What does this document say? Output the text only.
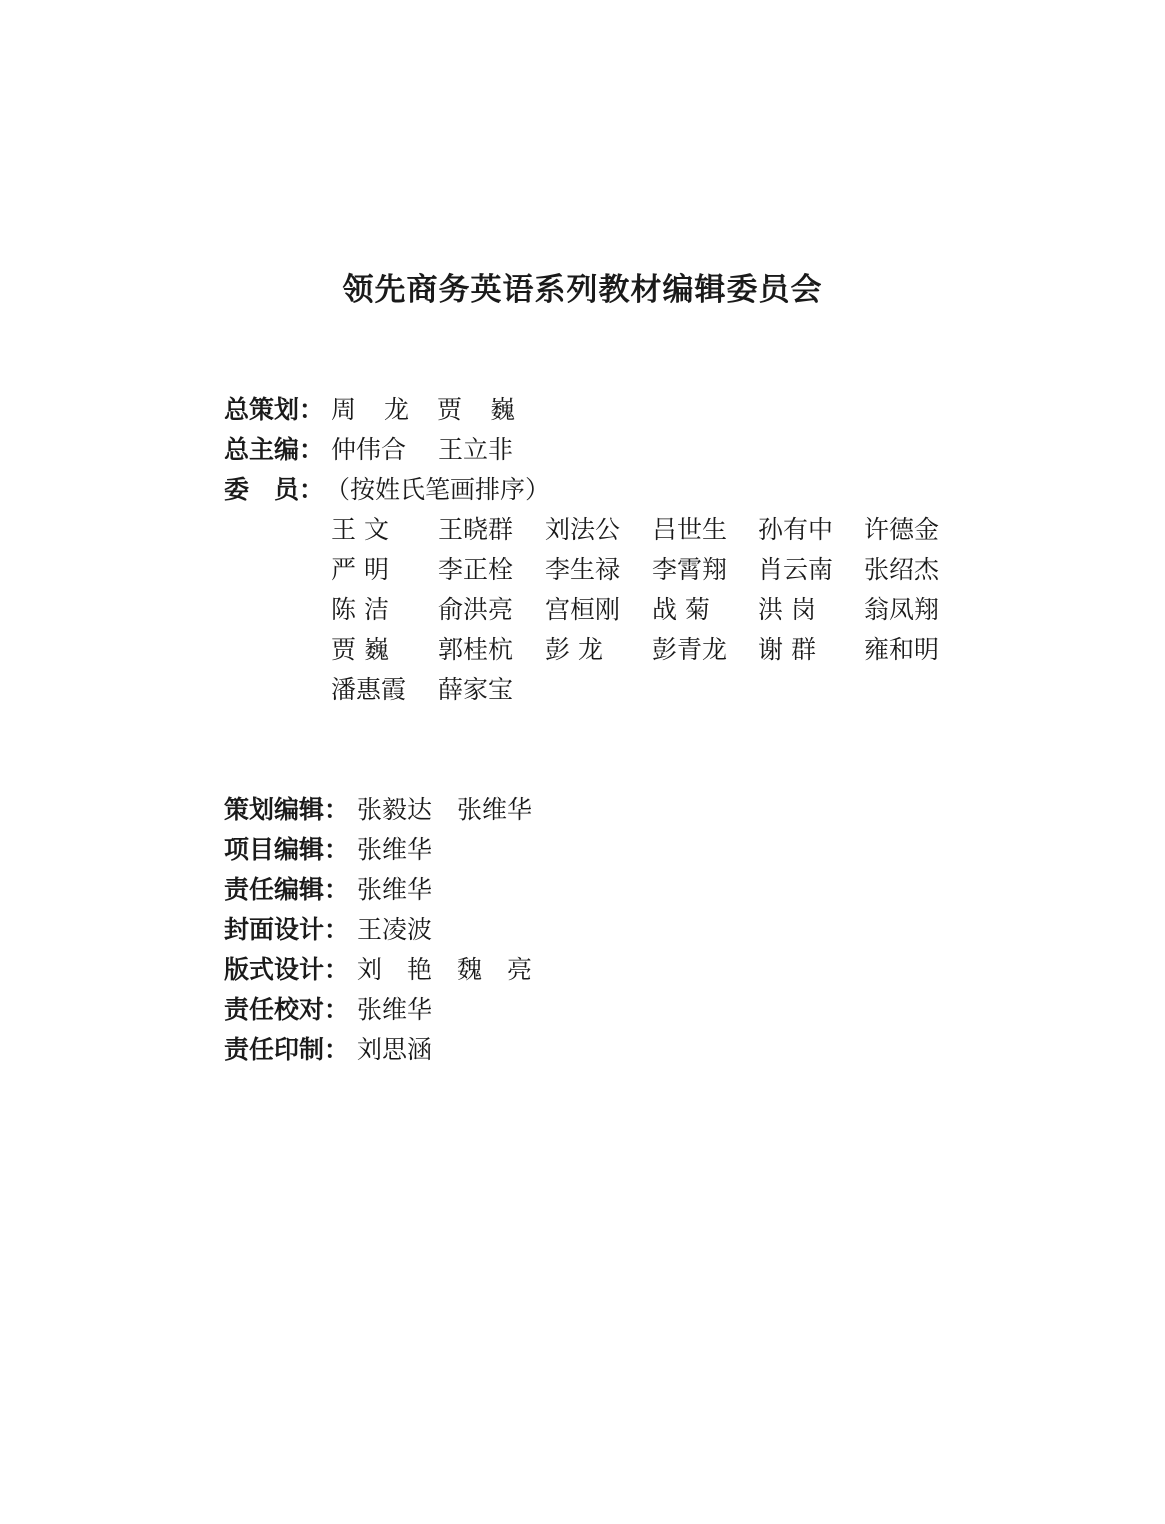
领先商务英语系列教材编辑委员会
总策划： 周 龙 贾 巍
总主编： 仲伟合 王立非
委 员： （按姓氏笔画排序）
王 文 王晓群 刘法公 吕世生 孙有中 许德金
严 明 李正栓 李生禄 李霄翔 肖云南 张绍杰
陈 洁 俞洪亮 宫桓刚 战 菊 洪 岗 翁凤翔
贾 巍 郭桂杭 彭 龙 彭青龙 谢 群 雍和明
潘惠霞 薛家宝
策划编辑： 张毅达　张维华
项目编辑： 张维华
责任编辑： 张维华
封面设计： 王凌波
版式设计： 刘　艳　魏　亮
责任校对： 张维华
责任印制： 刘思涵
